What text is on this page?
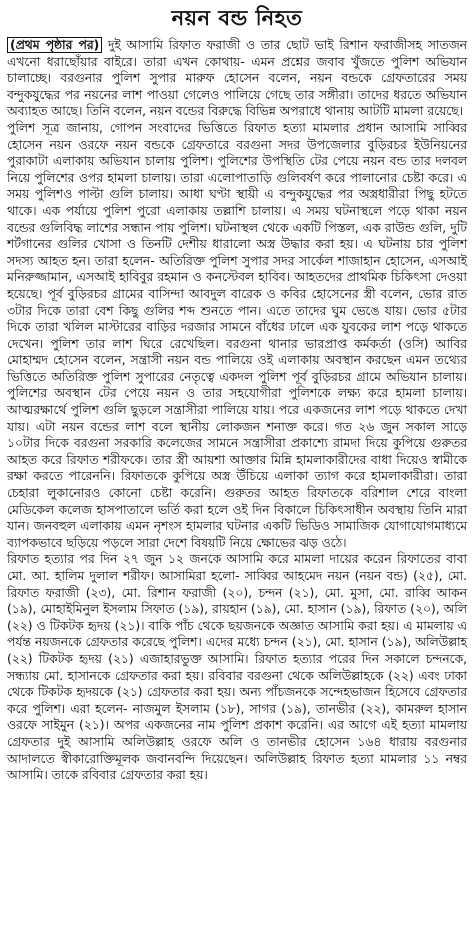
নয়ন বন্ড নিহত

(প্রথম পৃষ্ঠার পর) দুই আসামি রিফাত ফরাজী ও তার ছোট ভাই রিশান ফরাজীসহ সাতজন এখনো ধরাছোঁয়ার বাইরে। তারা এখন কোথায়- এমন প্রশ্নের জবাব খুঁজতে পুলিশ অভিযান চালাচ্ছে। বরগুনার পুলিশ সুপার মারুফ হোসেন বলেন, নয়ন বন্ডকে গ্রেফতারের সময় বন্দুকযুদ্ধের পর নয়নের লাশ পাওয়া গেলেও পালিয়ে গেছে তার সঙ্গীরা। তাদের ধরতে অভিযান অব্যাহত আছে। তিনি বলেন, নয়ন বন্ডের বিরুদ্ধে বিভিন্ন অপরাধে থানায় আটটি মামলা রয়েছে।

পুলিশ সূত্র জানায়, গোপন সংবাদের ভিত্তিতে রিফাত হত্যা মামলার প্রধান আসামি সাব্বির হোসেন নয়ন ওরফে নয়ন বন্ডকে গ্রেফতারে বরগুনা সদর উপজেলার বুড়িরচর ইউনিয়নের পুরাকাটা এলাকায় অভিযান চালায় পুলিশ। পুলিশের উপস্থিতি টের পেয়ে নয়ন বন্ড তার দলবল নিয়ে পুলিশের ওপর হামলা চালায়। তারা এলোপাতাড়ি গুলিবর্ষণ করে পালানোর চেষ্টা করে। এ সময় পুলিশও পাল্টা গুলি চালায়। আধা ঘণ্টা স্থায়ী এ বন্দুকযুদ্ধের পর অস্ত্রধারীরা পিছু হটতে থাকে। এক পর্যায়ে পুলিশ পুরো এলাকায় তল্লাশি চালায়। এ সময় ঘটনাস্থলে পড়ে থাকা নয়ন বন্ডের গুলিবিদ্ধ লাশের সন্ধান পায় পুলিশ। ঘটনাস্থল থেকে একটি পিস্তল, এক রাউন্ড গুলি, দুটি শর্টগানের গুলির খোসা ও তিনটি দেশীয় ধারালো অস্ত্র উদ্ধার করা হয়। এ ঘটনায় চার পুলিশ সদস্য আহত হন। তারা হলেন- অতিরিক্ত পুলিশ সুপার সদর সার্কেল শাজাহান হোসেন, এসআই মনিরুজ্জামান, এসআই হাবিবুর রহমান ও কনস্টেবল হাবিব। আহতদের প্রাথমিক চিকিৎসা দেওয়া হয়েছে। পূর্ব বুড়িরচর গ্রামের বাসিন্দা আবদুল বারেক ও কবির হোসেনের স্ত্রী বলেন, ভোর রাত ৩টার দিকে তারা বেশ কিছু গুলির শব্দ শুনতে পান। এতে তাদের ঘুম ভেঙে যায়। ভোর ৫টার দিকে তারা খলিল মাস্টারের বাড়ির দরজার সামনে বাঁধের ঢালে এক যুবকের লাশ পড়ে থাকতে দেখেন। পুলিশ তার লাশ ঘিরে রেখেছিল। বরগুনা থানার ভারপ্রাপ্ত কর্মকর্তা (ওসি) আবির মোহাম্মদ হোসেন বলেন, সন্ত্রাসী নয়ন বন্ড পালিয়ে ওই এলাকায় অবস্থান করছেন এমন তথ্যের ভিত্তিতে অতিরিক্ত পুলিশ সুপারের নেতৃত্বে একদল পুলিশ পূর্ব বুড়িরচর গ্রামে অভিযান চালায়। পুলিশের অবস্থান টের পেয়ে নয়ন ও তার সহযোগীরা পুলিশকে লক্ষ্য করে হামলা চালায়। আত্মরক্ষার্থে পুলিশ গুলি ছুড়লে সন্ত্রাসীরা পালিয়ে যায়। পরে একজনের লাশ পড়ে থাকতে দেখা যায়। এটা নয়ন বন্ডের লাশ বলে স্থানীয় লোকজন শনাক্ত করে। গত ২৬ জুন সকাল সাড়ে ১০টার দিকে বরগুনা সরকারি কলেজের সামনে সন্ত্রাসীরা প্রকাশ্যে রামদা দিয়ে কুপিয়ে গুরুতর আহত করে রিফাত শরীফকে। তার স্ত্রী আয়শা আক্তার মিন্নি হামলাকারীদের বাধা দিয়েও স্বামীকে রক্ষা করতে পারেননি। রিফাতকে কুপিয়ে অস্ত্র উঁচিয়ে এলাকা ত্যাগ করে হামলাকারীরা। তারা চেহারা লুকানোরও কোনো চেষ্টা করেনি। গুরুতর আহত রিফাতকে বরিশাল শেরে বাংলা মেডিকেল কলেজ হাসপাতালে ভর্তি করা হলে ওই দিন বিকালে চিকিৎসাধীন অবস্থায় তিনি মারা যান। জনবহুল এলাকায় এমন নৃশংস হামলার ঘটনার একটি ভিডিও সামাজিক যোগাযোগমাধ্যমে ব্যাপকভাবে ছড়িয়ে পড়লে সারা দেশে বিষয়টি নিয়ে ক্ষোভের ঝড় ওঠে।

রিফাত হত্যার পর দিন ২৭ জুন ১২ জনকে আসামি করে মামলা দায়ের করেন রিফাতের বাবা মো. আ. হালিম দুলাল শরীফ। আসামিরা হলো- সাব্বির আহমেদ নয়ন (নয়ন বন্ড) (২৫), মো. রিফাত ফরাজী (২৩), মো. রিশান ফরাজী (২০), চন্দন (২১), মো. মুসা, মো. রাব্বি আকন (১৯), মোহাইমিনুল ইসলাম সিফাত (১৯), রায়হান (১৯), মো. হাসান (১৯), রিফাত (২০), অলি (২২) ও টিকটক হৃদয় (২১)। বাকি পাঁচ থেকে ছয়জনকে অজ্ঞাত আসামি করা হয়। এ মামলায় এ পর্যন্ত নয়জনকে গ্রেফতার করেছে পুলিশ। এদের মধ্যে চন্দন (২১), মো. হাসান (১৯), অলিউল্লাহ (২২) টিকটক হৃদয় (২১) এজাহারভুক্ত আসামি। রিফাত হত্যার পরের দিন সকালে চন্দনকে, সন্ধ্যায় মো. হাসানকে গ্রেফতার করা হয়। রবিবার বরগুনা থেকে অলিউল্লাহকে (২২) এবং ঢাকা থেকে টিকটক হৃদয়কে (২১) গ্রেফতার করা হয়। অন্য পাঁচজনকে সন্দেহভাজন হিসেবে গ্রেফতার করে পুলিশ। এরা হলেন- নাজমুল ইসলাম (১৮), সাগর (১৯), তানভীর (২২), কামরুল হাসান ওরফে সাইমুন (২১)। অপর একজনের নাম পুলিশ প্রকাশ করেনি। এর আগে এই হত্যা মামলায় গ্রেফতার দুই আসামি অলিউল্লাহ ওরফে অলি ও তানভীর হোসেন ১৬৪ ধারায় বরগুনার আদালতে স্বীকারোক্তিমূলক জবানবন্দি দিয়েছেন। অলিউল্লাহ রিফাত হত্যা মামলার ১১ নম্বর আসামি। তাকে রবিবার গ্রেফতার করা হয়।
